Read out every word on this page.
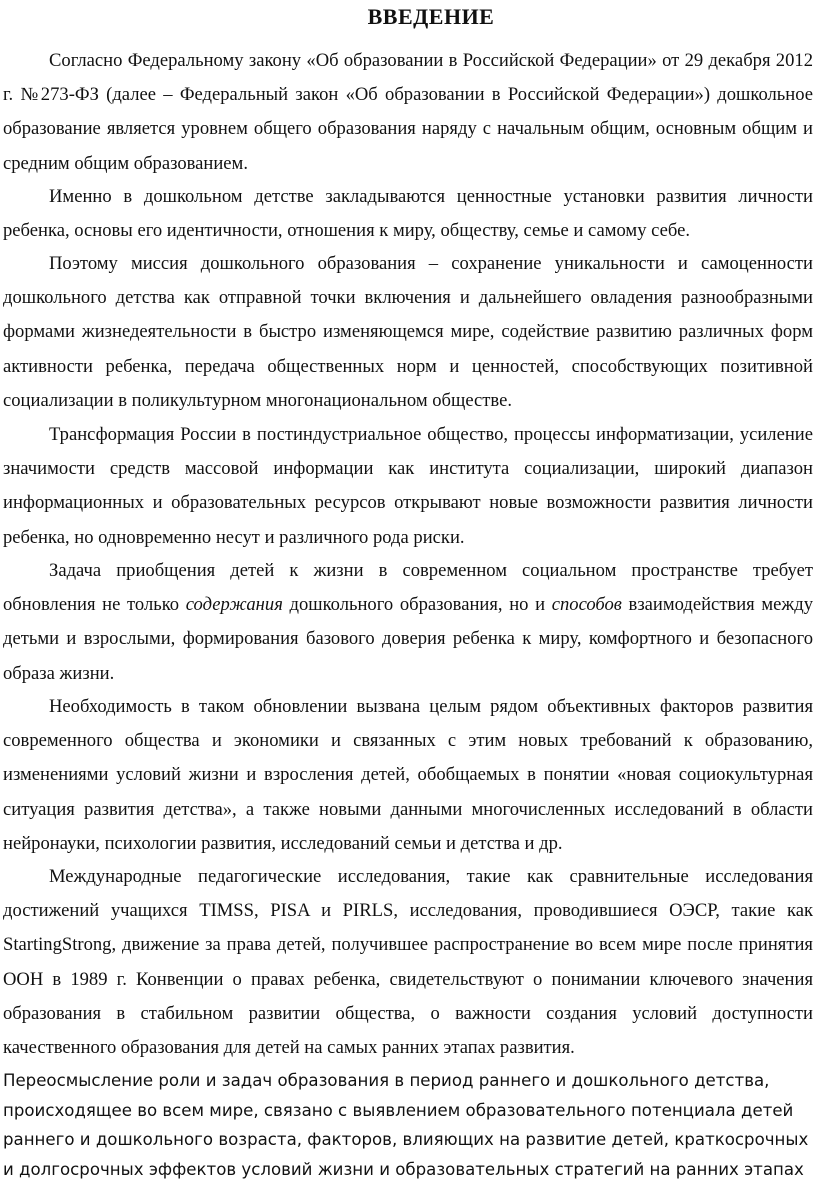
ВВЕДЕНИЕ

Согласно Федеральному закону «Об образовании в Российской Федерации» от 29 декабря 2012 г. №273-ФЗ (далее – Федеральный закон «Об образовании в Российской Федерации») дошкольное образование является уровнем общего образования наряду с начальным общим, основным общим и средним общим образованием.

Именно в дошкольном детстве закладываются ценностные установки развития личности ребенка, основы его идентичности, отношения к миру, обществу, семье и самому себе.

Поэтому миссия дошкольного образования – сохранение уникальности и самоценности дошкольного детства как отправной точки включения и дальнейшего овладения разнообразными формами жизнедеятельности в быстро изменяющемся мире, содействие развитию различных форм активности ребенка, передача общественных норм и ценностей, способствующих позитивной социализации в поликультурном многонациональном обществе.

Трансформация России в постиндустриальное общество, процессы информатизации, усиление значимости средств массовой информации как института социализации, широкий диапазон информационных и образовательных ресурсов открывают новые возможности развития личности ребенка, но одновременно несут и различного рода риски.

Задача приобщения детей к жизни в современном социальном пространстве требует обновления не только содержания дошкольного образования, но и способов взаимодействия между детьми и взрослыми, формирования базового доверия ребенка к миру, комфортного и безопасного образа жизни.

Необходимость в таком обновлении вызвана целым рядом объективных факторов развития современного общества и экономики и связанных с этим новых требований к образованию, изменениями условий жизни и взросления детей, обобщаемых в понятии «новая социокультурная ситуация развития детства», а также новыми данными многочисленных исследований в области нейронауки, психологии развития, исследований семьи и детства и др.

Международные педагогические исследования, такие как сравнительные исследования достижений учащихся TIMSS, PISA и PIRLS, исследования, проводившиеся ОЭСР, такие как StartingStrong, движение за права детей, получившее распространение во всем мире после принятия ООН в 1989 г. Конвенции о правах ребенка, свидетельствуют о понимании ключевого значения образования в стабильном развитии общества, о важности создания условий доступности качественного образования для детей на самых ранних этапах развития.

Переосмысление роли и задач образования в период раннего и дошкольного детства, происходящее во всем мире, связано с выявлением образовательного потенциала детей раннего и дошкольного возраста, факторов, влияющих на развитие детей, краткосрочных и долгосрочных эффектов условий жизни и образовательных стратегий на ранних этапах
